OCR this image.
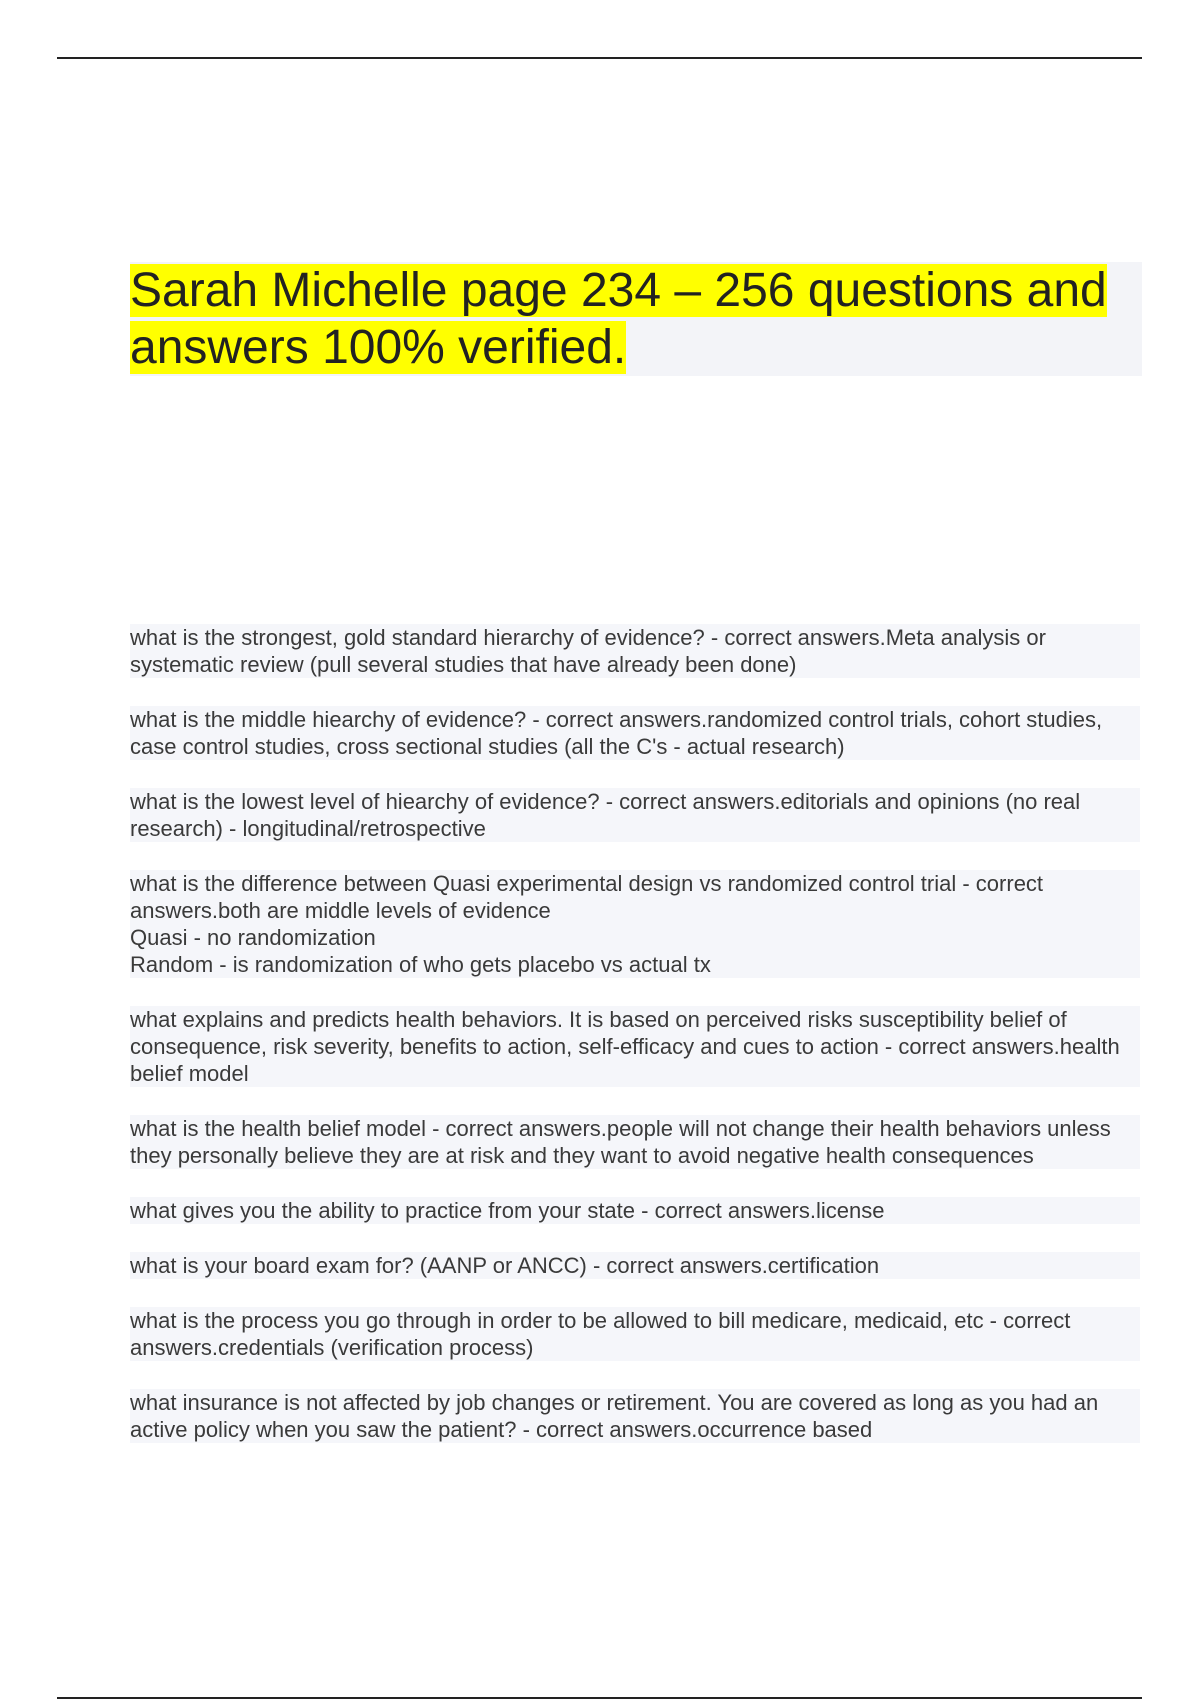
Sarah Michelle page 234 – 256 questions and answers 100% verified.

what is the strongest, gold standard hierarchy of evidence? - correct answers.Meta analysis or systematic review (pull several studies that have already been done)

what is the middle hiearchy of evidence? - correct answers.randomized control trials, cohort studies, case control studies, cross sectional studies (all the C's - actual research)

what is the lowest level of hiearchy of evidence? - correct answers.editorials and opinions (no real research) - longitudinal/retrospective

what is the difference between Quasi experimental design vs randomized control trial - correct answers.both are middle levels of evidence
Quasi - no randomization
Random - is randomization of who gets placebo vs actual tx

what explains and predicts health behaviors. It is based on perceived risks susceptibility belief of consequence, risk severity, benefits to action, self-efficacy and cues to action - correct answers.health belief model

what is the health belief model - correct answers.people will not change their health behaviors unless they personally believe they are at risk and they want to avoid negative health consequences

what gives you the ability to practice from your state - correct answers.license

what is your board exam for? (AANP or ANCC) - correct answers.certification

what is the process you go through in order to be allowed to bill medicare, medicaid, etc - correct answers.credentials (verification process)

what insurance is not affected by job changes or retirement. You are covered as long as you had an active policy when you saw the patient? - correct answers.occurrence based
